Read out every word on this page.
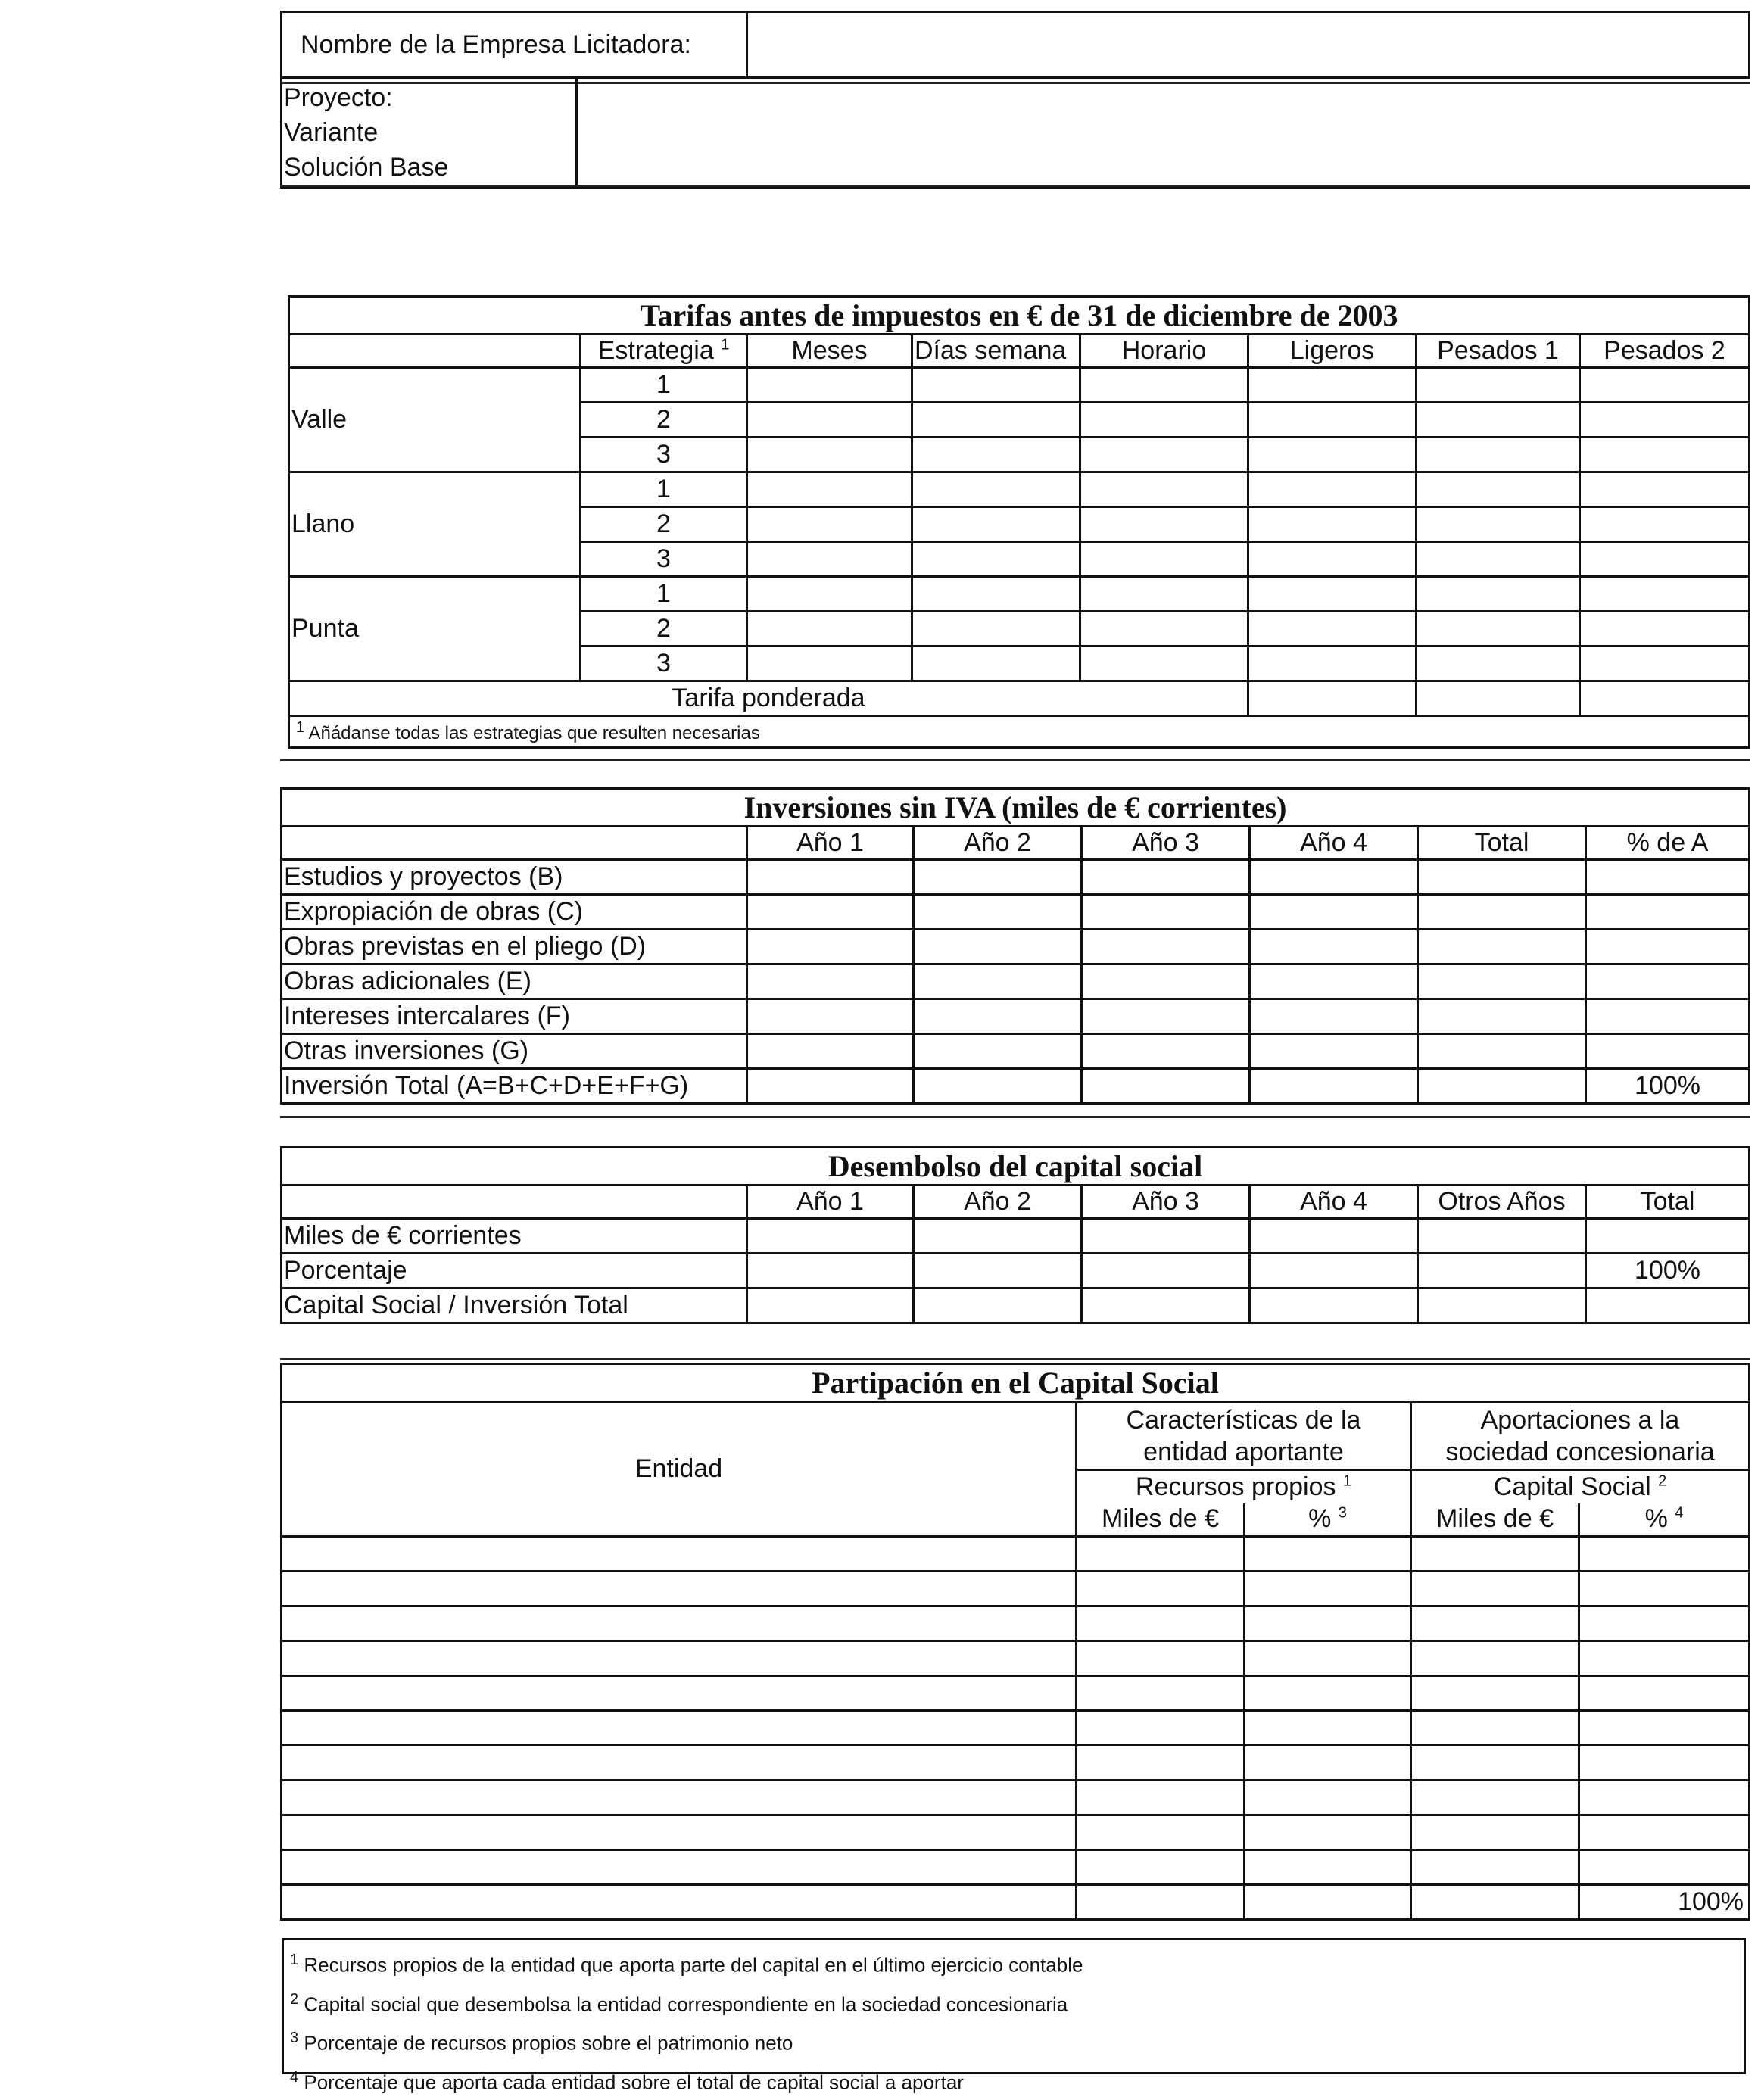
Nombre de la Empresa Licitadora:	
Proyecto:
Variante
Solución Base

Tarifas antes de impuestos en € de 31 de diciembre de 2003							
	Estrategia $^1$	Meses	Días semana	Horario	Ligeros	Pesados 1	Pesados 2
Valle	1						
	2						
	3						
Llano	1						
	2						
	3						
Punta	1						
	2						
	3						
Tarifa ponderada							
$^1$ Añádanse todas las estrategias que resulten necesarias							
Inversiones sin IVA (miles de € corrientes)						
	Año 1	Año 2	Año 3	Año 4	Total	% de A
Estudios y proyectos (B)						
Expropiación de obras (C)						
Obras previstas en el pliego (D)						
Obras adicionales (E)						
Intereses intercalares (F)						
Otras inversiones (G)						
Inversión Total (A=B+C+D+E+F+G)						100%
Desembolso del capital social						
	Año 1	Año 2	Año 3	Año 4	Otros Años	Total
Miles de € corrientes						
Porcentaje						100%
Capital Social / Inversión Total						
Partipación en el Capital Social				
Entidad	Características de la entidad aportante		Aportaciones a la sociedad concesionaria	
	Recursos propios $^1$		Capital Social $^2$
	Miles de €	% $^3$	Miles de €	% $^4$

				100%
$^1$ Recursos propios de la entidad que aporta parte del capital en el último ejercicio contable
$^2$ Capital social que desembolsa la entidad correspondiente en la sociedad concesionaria
$^3$ Porcentaje de recursos propios sobre el patrimonio neto
$^4$ Porcentaje que aporta cada entidad sobre el total de capital social a aportar
